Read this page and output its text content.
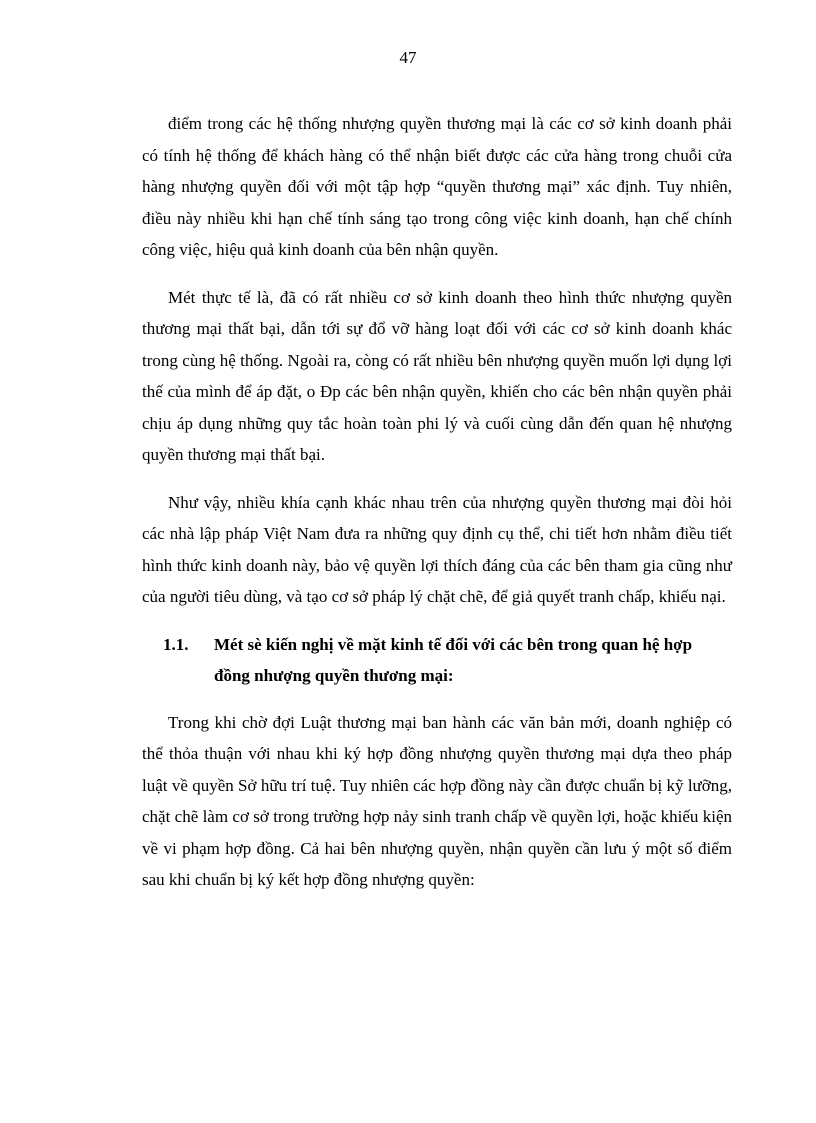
47

điểm trong các hệ thống nhượng quyền thương mại là các cơ sở kinh doanh phải có tính hệ thống để khách hàng có thể nhận biết được các cửa hàng trong chuỗi cửa hàng nhượng quyền đối với một tập hợp “quyền thương mại” xác định. Tuy nhiên, điều này nhiều khi hạn chế tính sáng tạo trong công việc kinh doanh, hạn chế chính công việc, hiệu quả kinh doanh của bên nhận quyền.

Mét thực tế là, đã có rất nhiều cơ sở kinh doanh theo hình thức nhượng quyền thương mại thất bại, dẫn tới sự đổ vỡ hàng loạt đối với các cơ sở kinh doanh khác trong cùng hệ thống. Ngoài ra, còng có rất nhiều bên nhượng quyền muốn lợi dụng lợi thế của mình để áp đặt, o Ðp các bên nhận quyền, khiến cho các bên nhận quyền phải chịu áp dụng những quy tắc hoàn toàn phi lý và cuối cùng dẫn đến quan hệ nhượng quyền thương mại thất bại.

Như vậy, nhiều khía cạnh khác nhau trên của nhượng quyền thương mại đòi hỏi các nhà lập pháp Việt Nam đưa ra những quy định cụ thể, chi tiết hơn nhằm điều tiết hình thức kinh doanh này, bảo vệ quyền lợi thích đáng của các bên tham gia cũng như của người tiêu dùng, và tạo cơ sở pháp lý chặt chẽ, để giả quyết tranh chấp, khiếu nại.

1.1. Mét sè kiến nghị về mặt kinh tế đối với các bên trong quan hệ hợp đồng nhượng quyền thương mại:

Trong khi chờ đợi Luật thương mại ban hành các văn bản mới, doanh nghiệp có thể thỏa thuận với nhau khi ký hợp đồng nhượng quyền thương mại dựa theo pháp luật về quyền Sở hữu trí tuệ. Tuy nhiên các hợp đồng này cần được chuẩn bị kỹ lưỡng, chặt chẽ làm cơ sở trong trường hợp nảy sinh tranh chấp về quyền lợi, hoặc khiếu kiện về vi phạm hợp đồng. Cả hai bên nhượng quyền, nhận quyền cần lưu ý một số điểm sau khi chuẩn bị ký kết hợp đồng nhượng quyền:
